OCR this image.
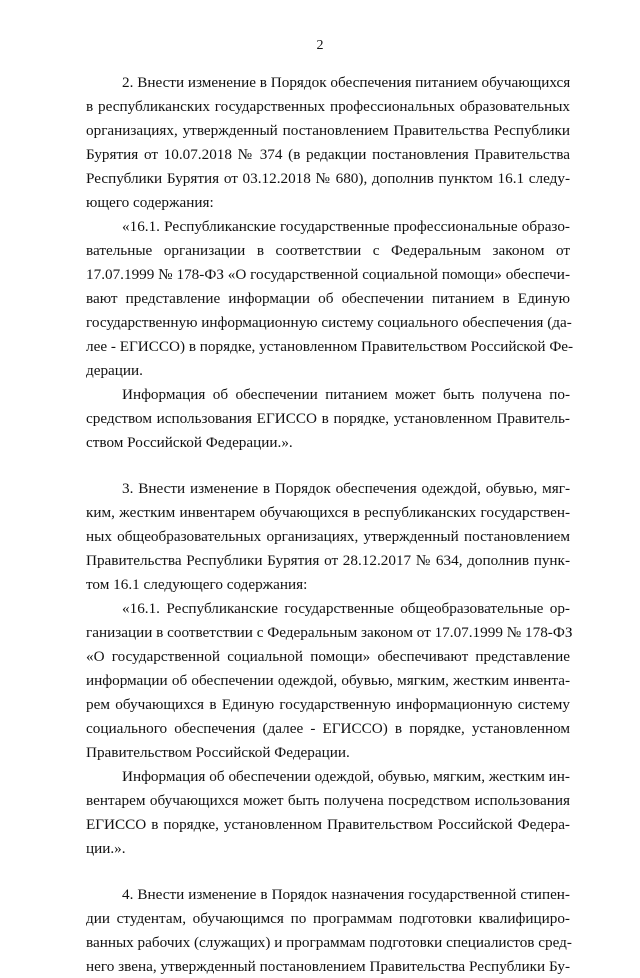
2
2. Внести изменение в Порядок обеспечения питанием обучающихся
в республиканских государственных профессиональных образовательных
организациях, утвержденный постановлением Правительства Республики
Бурятия от 10.07.2018 № 374 (в редакции постановления Правительства
Республики Бурятия от 03.12.2018 № 680), дополнив пунктом 16.1 следу-
ющего содержания:
«16.1. Республиканские государственные профессиональные образо-
вательные организации в соответствии с Федеральным законом от
17.07.1999 № 178-ФЗ «О государственной социальной помощи» обеспечи-
вают представление информации об обеспечении питанием в Единую
государственную информационную систему социального обеспечения (да-
лее - ЕГИССО) в порядке, установленном Правительством Российской Фе-
дерации.
Информация об обеспечении питанием может быть получена по-
средством использования ЕГИССО в порядке, установленном Правитель-
ством Российской Федерации.».
3. Внести изменение в Порядок обеспечения одеждой, обувью, мяг-
ким, жестким инвентарем обучающихся в республиканских государствен-
ных общеобразовательных организациях, утвержденный постановлением
Правительства Республики Бурятия от 28.12.2017 № 634, дополнив пунк-
том 16.1 следующего содержания:
«16.1. Республиканские государственные общеобразовательные ор-
ганизации в соответствии с Федеральным законом от 17.07.1999 № 178-ФЗ
«О государственной социальной помощи» обеспечивают представление
информации об обеспечении одеждой, обувью, мягким, жестким инвента-
рем обучающихся в Единую государственную информационную систему
социального обеспечения (далее - ЕГИССО) в порядке, установленном
Правительством Российской Федерации.
Информация об обеспечении одеждой, обувью, мягким, жестким ин-
вентарем обучающихся может быть получена посредством использования
ЕГИССО в порядке, установленном Правительством Российской Федера-
ции.».
4. Внести изменение в Порядок назначения государственной стипен-
дии студентам, обучающимся по программам подготовки квалифициро-
ванных рабочих (служащих) и программам подготовки специалистов сред-
него звена, утвержденный постановлением Правительства Республики Бу-
